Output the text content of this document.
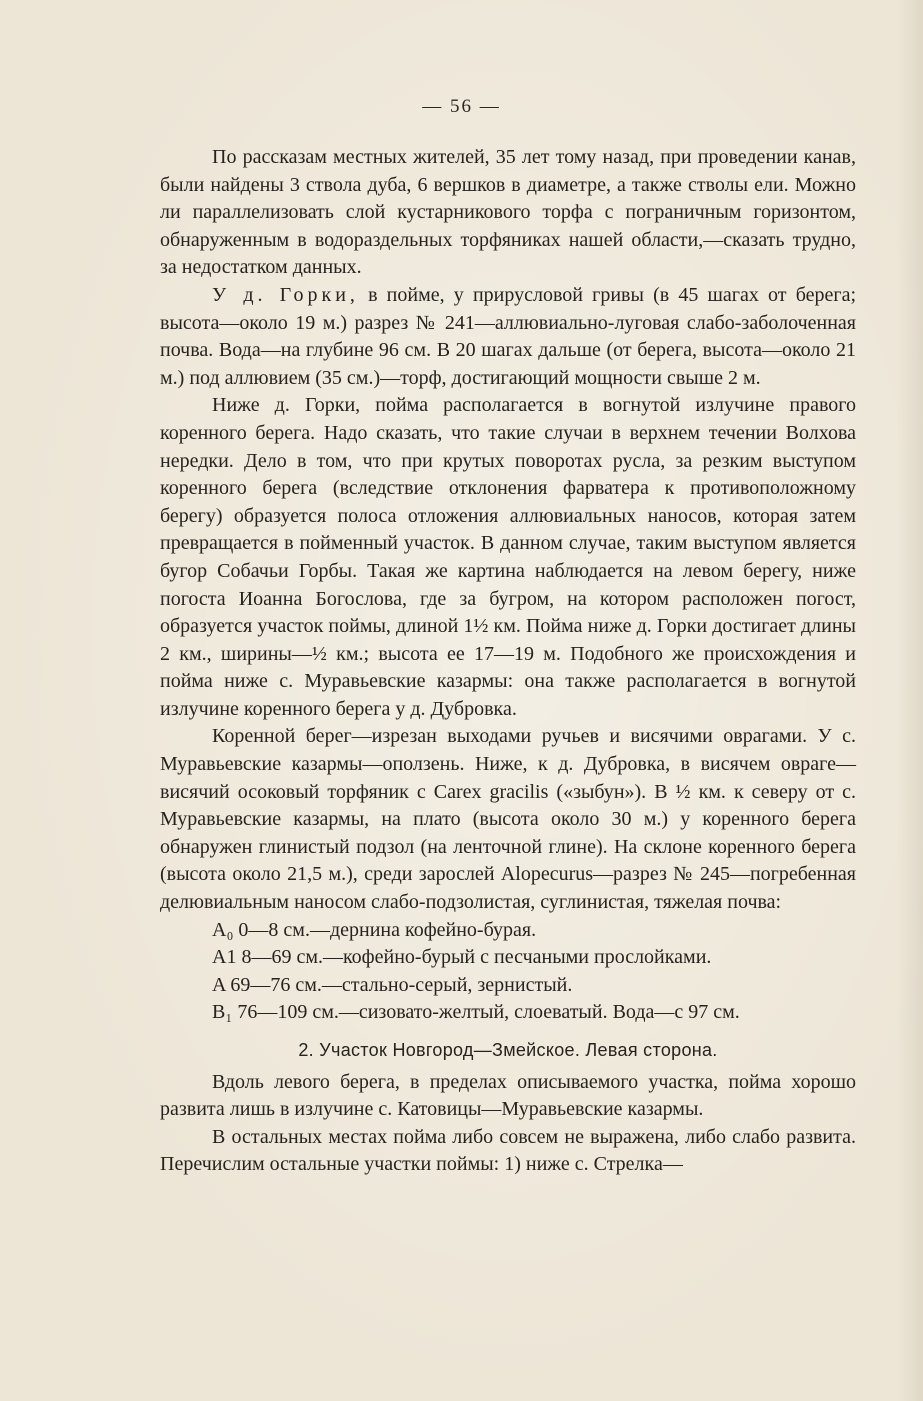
— 56 —

По рассказам местных жителей, 35 лет тому назад, при проведении канав, были найдены 3 ствола дуба, 6 вершков в диаметре, а также стволы ели. Можно ли параллелизовать слой кустарникового торфа с пограничным горизонтом, обнаруженным в водораздельных торфяниках нашей области,—сказать трудно, за недостатком данных.

У д. Горки, в пойме, у прирусловой гривы (в 45 шагах от берега; высота—около 19 м.) разрез № 241—аллювиально-луговая слабо-заболоченная почва. Вода—на глубине 96 см. В 20 шагах дальше (от берега, высота—около 21 м.) под аллювием (35 см.)—торф, достигающий мощности свыше 2 м.

Ниже д. Горки, пойма располагается в вогнутой излучине правого коренного берега. Надо сказать, что такие случаи в верхнем течении Волхова нередки. Дело в том, что при крутых поворотах русла, за резким выступом коренного берега (вследствие отклонения фарватера к противоположному берегу) образуется полоса отложения аллювиальных наносов, которая затем превращается в пойменный участок. В данном случае, таким выступом является бугор Собачьи Горбы. Такая же картина наблюдается на левом берегу, ниже погоста Иоанна Богослова, где за бугром, на котором расположен погост, образуется участок поймы, длиной 1½ км. Пойма ниже д. Горки достигает длины 2 км., ширины—½ км.; высота ее 17—19 м. Подобного же происхождения и пойма ниже с. Муравьевские казармы: она также располагается в вогнутой излучине коренного берега у д. Дубровка.

Коренной берег—изрезан выходами ручьев и висячими оврагами. У с. Муравьевские казармы—оползень. Ниже, к д. Дубровка, в висячем овраге—висячий осоковый торфяник с Carex gracilis («зыбун»). В ½ км. к северу от с. Муравьевские казармы, на плато (высота около 30 м.) у коренного берега обнаружен глинистый подзол (на ленточной глине). На склоне коренного берега (высота около 21,5 м.), среди зарослей Alopecurus—разрез № 245—погребенная делювиальным наносом слабо-подзолистая, суглинистая, тяжелая почва:

A₀ 0—8 см.—дернина кофейно-бурая.

A1 8—69 см.—кофейно-бурый с песчаными прослойками.

A 69—76 см.—стально-серый, зернистый.

B₁ 76—109 см.—сизовато-желтый, слоеватый. Вода—с 97 см.

2. Участок Новгород—Змейское. Левая сторона.

Вдоль левого берега, в пределах описываемого участка, пойма хорошо развита лишь в излучине с. Катовицы—Муравьевские казармы.

В остальных местах пойма либо совсем не выражена, либо слабо развита. Перечислим остальные участки поймы: 1) ниже с. Стрелка—
